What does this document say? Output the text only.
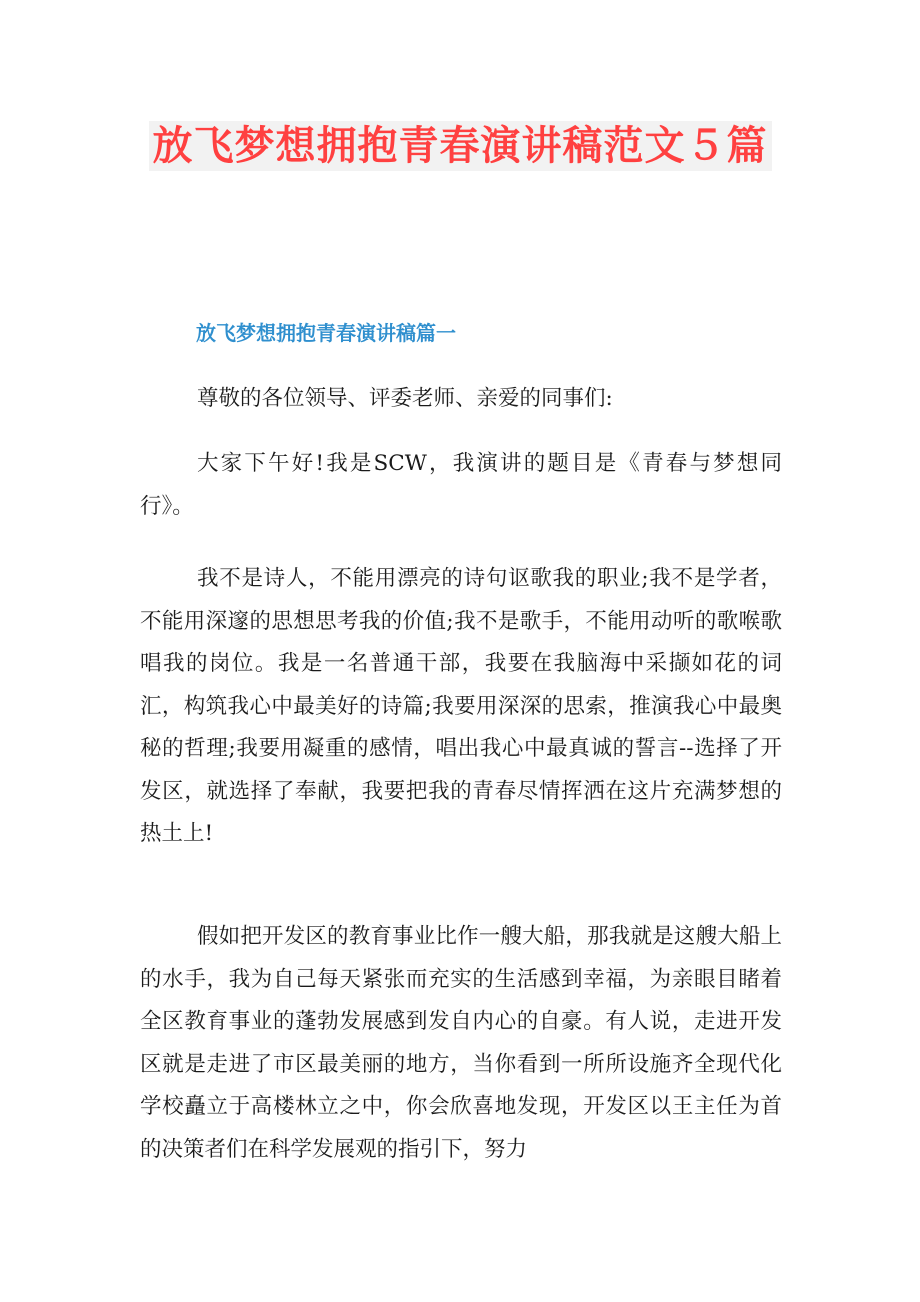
放飞梦想拥抱青春演讲稿范文５篇
放飞梦想拥抱青春演讲稿篇一

尊敬的各位领导、评委老师、亲爱的同事们:

大家下午好!我是SCW，我演讲的题目是《青春与梦想同行》。

我不是诗人，不能用漂亮的诗句讴歌我的职业;我不是学者，不能用深邃的思想思考我的价值;我不是歌手，不能用动听的歌喉歌唱我的岗位。我是一名普通干部，我要在我脑海中采撷如花的词汇，构筑我心中最美好的诗篇;我要用深深的思索，推演我心中最奥秘的哲理;我要用凝重的感情，唱出我心中最真诚的誓言--选择了开发区，就选择了奉献，我要把我的青春尽情挥洒在这片充满梦想的热土上!

假如把开发区的教育事业比作一艘大船，那我就是这艘大船上的水手，我为自己每天紧张而充实的生活感到幸福，为亲眼目睹着全区教育事业的蓬勃发展感到发自内心的自豪。有人说，走进开发区就是走进了市区最美丽的地方，当你看到一所所设施齐全现代化学校矗立于高楼林立之中，你会欣喜地发现，开发区以王主任为首的决策者们在科学发展观的指引下，努力
